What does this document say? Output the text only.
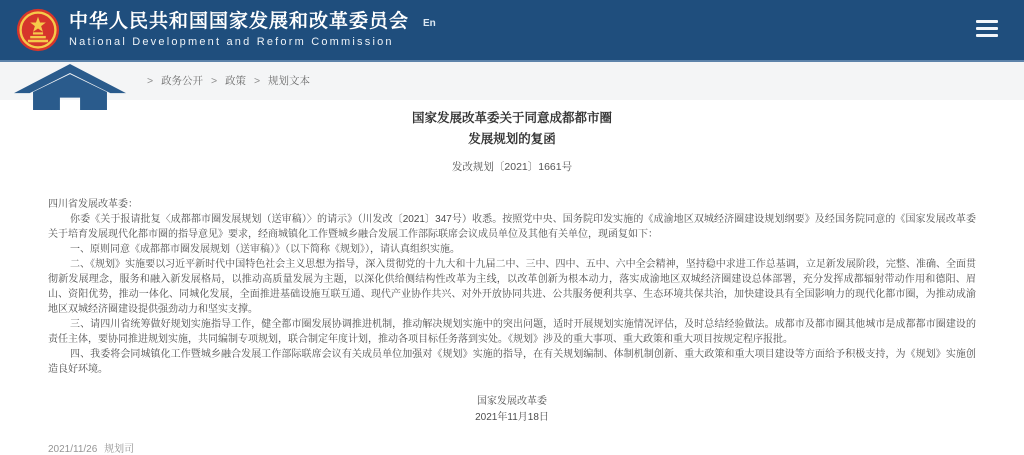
中华人民共和国国家发展和改革委员会
National Development and Reform Commission
En
> 政务公开 > 政策 > 规划文本
国家发展改革委关于同意成都都市圈
发展规划的复函
发改规划〔2021〕1661号
四川省发展改革委：

你委《关于报请批复〈成都都市圈发展规划（送审稿）〉的请示》（川发改〔2021〕347号）收悉。按照党中央、国务院印发实施的《成渝地区双城经济圈建设规划纲要》及经国务院同意的《国家发展改革委关于培育发展现代化都市圈的指导意见》要求，经商城镇化工作暨城乡融合发展工作部际联席会议成员单位及其他有关单位，现函复如下：

一、原则同意《成都都市圈发展规划（送审稿）》（以下简称《规划》），请认真组织实施。

二、《规划》实施要以习近平新时代中国特色社会主义思想为指导，深入贯彻党的十九大和十九届二中、三中、四中、五中、六中全会精神，坚持稳中求进工作总基调，立足新发展阶段，完整、准确、全面贯彻新发展理念，服务和融入新发展格局，以推动高质量发展为主题，以深化供给侧结构性改革为主线，以改革创新为根本动力，落实成渝地区双城经济圈建设总体部署，充分发挥成都辐射带动作用和德阳、眉山、资阳优势，推动一体化、同城化发展，全面推进基础设施互联互通、现代产业协作共兴、对外开放协同共进、公共服务便利共享、生态环境共保共治，加快建设具有全国影响力的现代化都市圈，为推动成渝地区双城经济圈建设提供强劲动力和坚实支撑。

三、请四川省统筹做好规划实施指导工作，健全都市圈发展协调推进机制，推动解决规划实施中的突出问题，适时开展规划实施情况评估，及时总结经验做法。成都市及都市圈其他城市是成都都市圈建设的责任主体，要协同推进规划实施，共同编制专项规划，联合制定年度计划，推动各项目标任务落到实处。《规划》涉及的重大事项、重大政策和重大项目按规定程序报批。

四、我委将会同城镇化工作暨城乡融合发展工作部际联席会议有关成员单位加强对《规划》实施的指导，在有关规划编制、体制机制创新、重大政策和重大项目建设等方面给予积极支持，为《规划》实施创造良好环境。

国家发展改革委
2021年11月18日
2021/11/26 规划司
